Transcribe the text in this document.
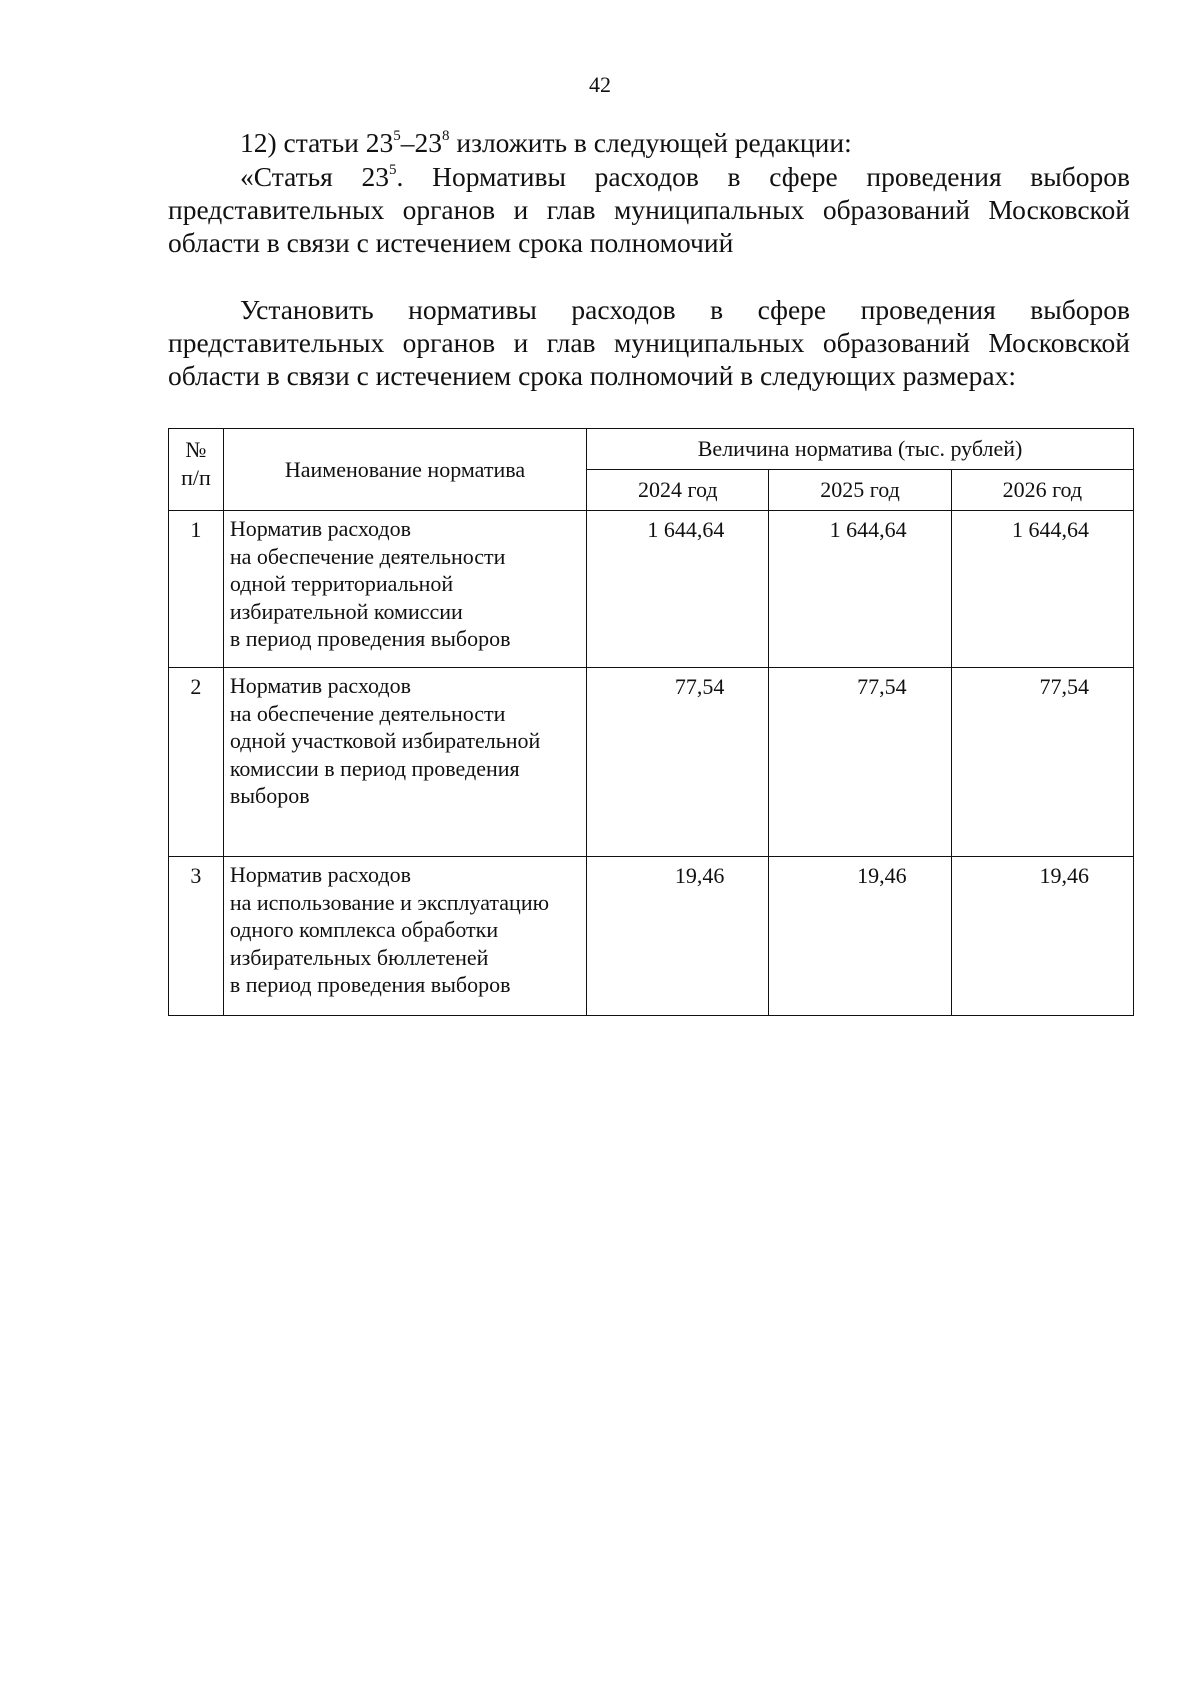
42

12) статьи $23^5-23^8$ изложить в следующей редакции:

«Статья $23^5$. Нормативы расходов в сфере проведения выборов представительных органов и глав муниципальных образований Московской области в связи с истечением срока полномочий

Установить нормативы расходов в сфере проведения выборов представительных органов и глав муниципальных образований Московской области в связи с истечением срока полномочий в следующих размерах:

№
п/п	Наименование норматива	Величина норматива (тыс. рублей)		
		2024 год	2025 год	2026 год
1	Норматив расходов
на обеспечение деятельности
одной территориальной
избирательной комиссии
в период проведения выборов	1 644,64	1 644,64	1 644,64
2	Норматив расходов
на обеспечение деятельности
одной участковой избирательной
комиссии в период проведения
выборов	77,54	77,54	77,54
3	Норматив расходов
на использование и эксплуатацию
одного комплекса обработки
избирательных бюллетеней
в период проведения выборов	19,46	19,46	19,46
